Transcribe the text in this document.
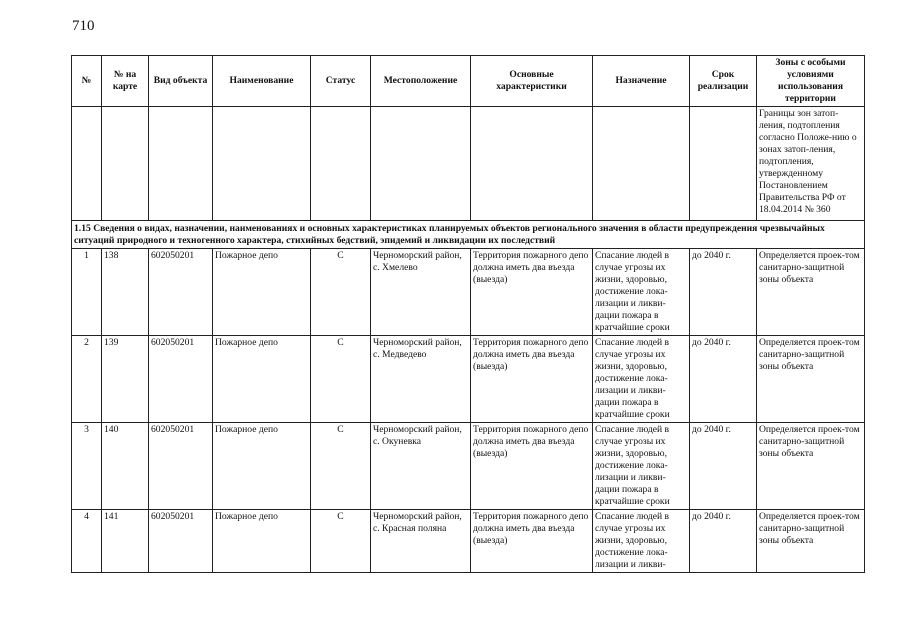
710
№	№ на карте	Вид объекта	Наименование	Статус	Местоположение	Основные характеристики	Назначение	Срок реализации	Зоны с особыми условиями использования территории
									Границы зон затоп-ления, подтопления согласно Положе-нию о зонах затоп-ления, подтопления, утвержденному Постановлением Правительства РФ от 18.04.2014 № 360
1.15 Сведения о видах, назначении, наименованиях и основных характеристиках планируемых объектов регионального значения в области предупреждения чрезвычайных ситуаций природного и техногенного характера, стихийных бедствий, эпидемий и ликвидации их последствий									
1	138	602050201	Пожарное депо	С	Черноморский район, с. Хмелево	Территория пожарного депо должна иметь два въезда (выезда)	Спасание людей в случае угрозы их жизни, здоровью, достижение лока-лизации и ликви-дации пожара в кратчайшие сроки	до 2040 г.	Определяется проек-том санитарно-защитной зоны объекта
2	139	602050201	Пожарное депо	С	Черноморский район, с. Медведево	Территория пожарного депо должна иметь два въезда (выезда)	Спасание людей в случае угрозы их жизни, здоровью, достижение лока-лизации и ликви-дации пожара в кратчайшие сроки	до 2040 г.	Определяется проек-том санитарно-защитной зоны объекта
3	140	602050201	Пожарное депо	С	Черноморский район, с. Окуневка	Территория пожарного депо должна иметь два въезда (выезда)	Спасание людей в случае угрозы их жизни, здоровью, достижение лока-лизации и ликви-дации пожара в кратчайшие сроки	до 2040 г.	Определяется проек-том санитарно-защитной зоны объекта
4	141	602050201	Пожарное депо	С	Черноморский район, с. Красная поляна	Территория пожарного депо должна иметь два въезда (выезда)	Спасание людей в случае угрозы их жизни, здоровью, достижение лока-лизации и ликви-	до 2040 г.	Определяется проек-том санитарно-защитной зоны объекта
